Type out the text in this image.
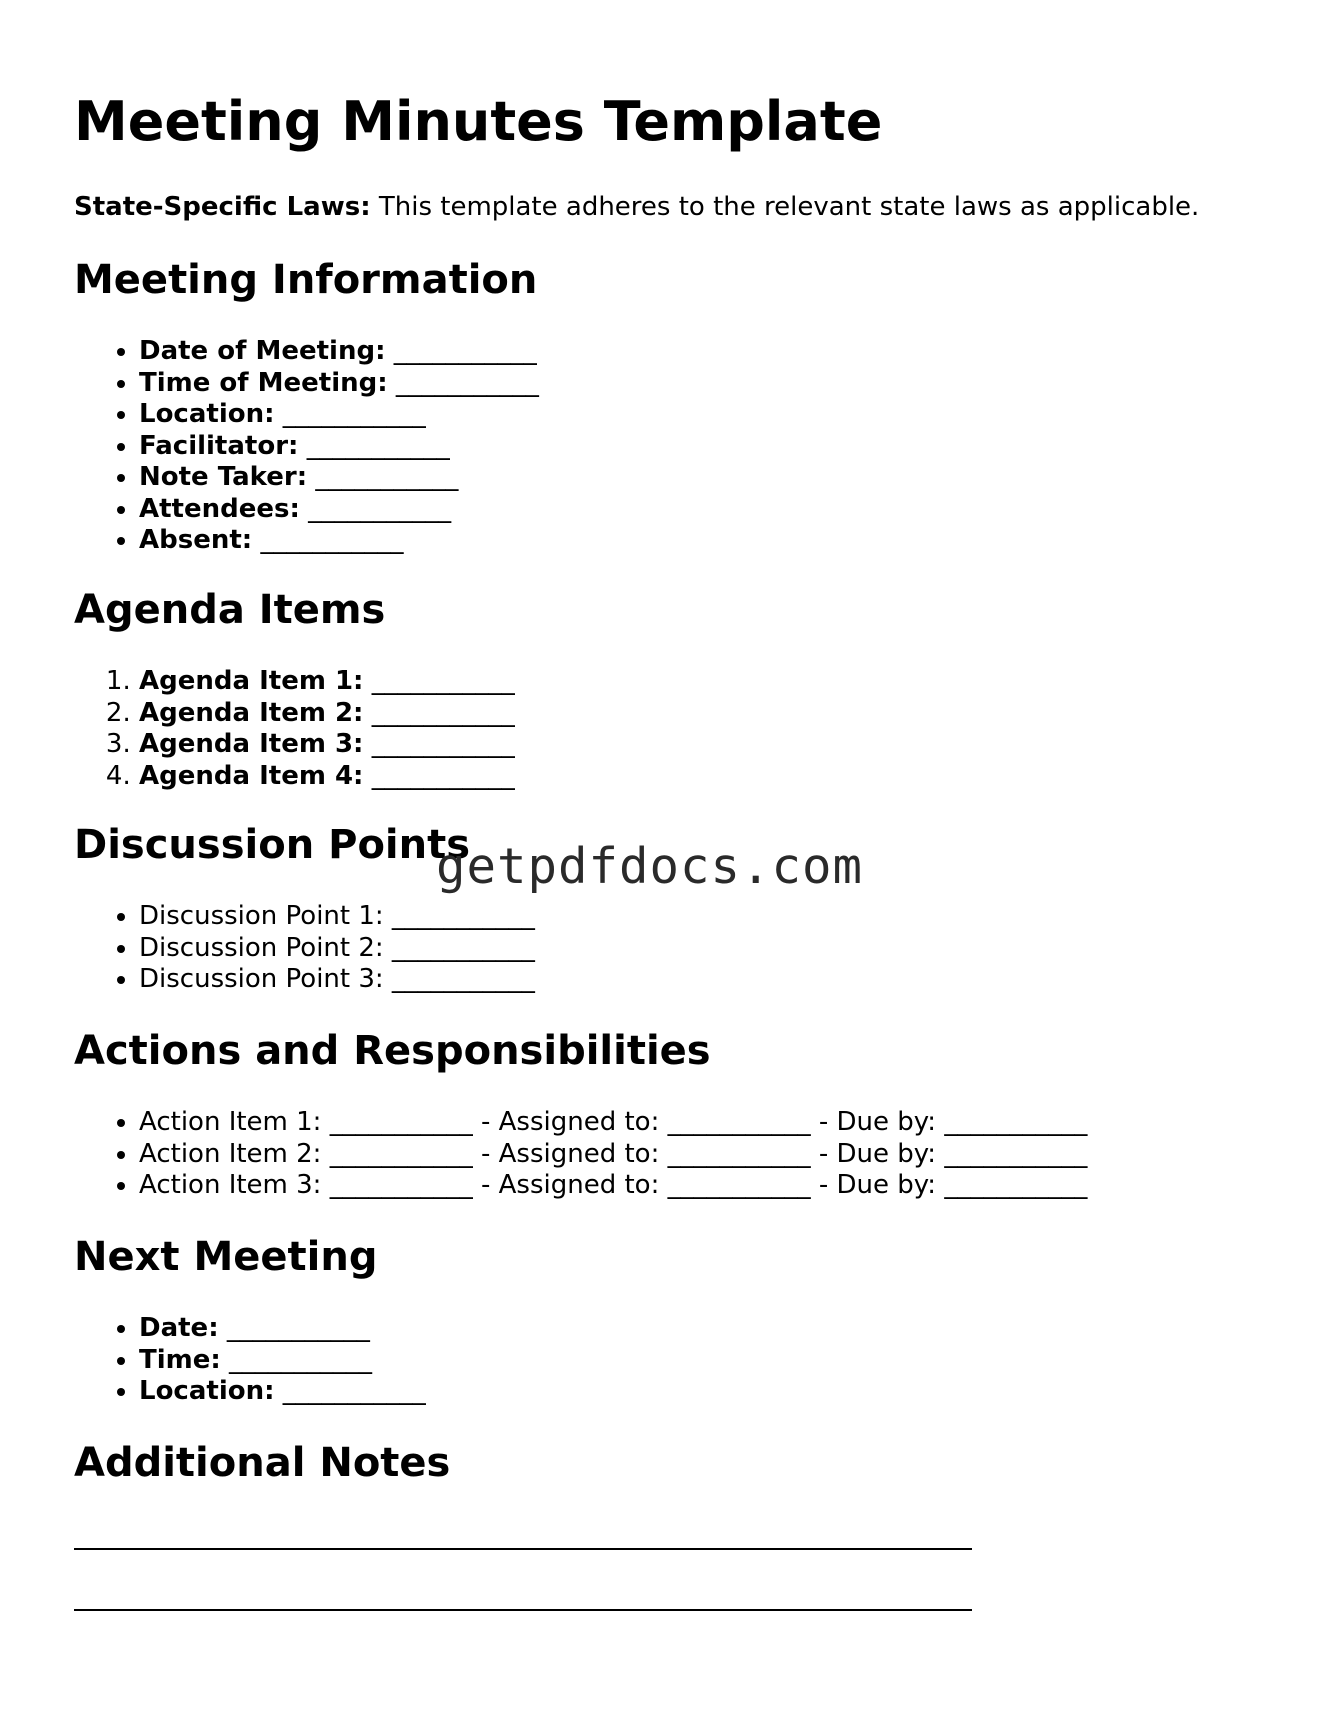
Meeting Minutes Template
State-Specific Laws: This template adheres to the relevant state laws as applicable.
Meeting Information
• Date of Meeting: ___________
• Time of Meeting: ___________
• Location: ___________
• Facilitator: ___________
• Note Taker: ___________
• Attendees: ___________
• Absent: ___________
Agenda Items
1. Agenda Item 1: ___________
2. Agenda Item 2: ___________
3. Agenda Item 3: ___________
4. Agenda Item 4: ___________
Discussion Points
• Discussion Point 1: ___________
• Discussion Point 2: ___________
• Discussion Point 3: ___________
Actions and Responsibilities
• Action Item 1: ___________ - Assigned to: ___________ - Due by: ___________
• Action Item 2: ___________ - Assigned to: ___________ - Due by: ___________
• Action Item 3: ___________ - Assigned to: ___________ - Due by: ___________
Next Meeting
• Date: ___________
• Time: ___________
• Location: ___________
Additional Notes
getpdfdocs.com
